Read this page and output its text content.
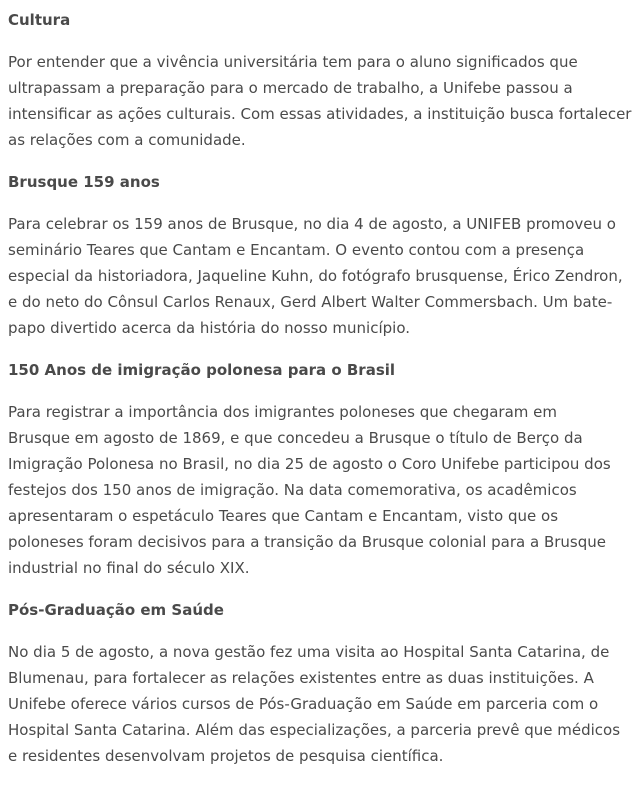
Cultura

Por entender que a vivência universitária tem para o aluno significados que
ultrapassam a preparação para o mercado de trabalho, a Unifebe passou a
intensificar as ações culturais. Com essas atividades, a instituição busca fortalecer
as relações com a comunidade.

Brusque 159 anos

Para celebrar os 159 anos de Brusque, no dia 4 de agosto, a UNIFEB promoveu o
seminário Teares que Cantam e Encantam. O evento contou com a presença
especial da historiadora, Jaqueline Kuhn, do fotógrafo brusquense, Érico Zendron,
e do neto do Cônsul Carlos Renaux, Gerd Albert Walter Commersbach. Um bate-
papo divertido acerca da história do nosso município.

150 Anos de imigração polonesa para o Brasil

Para registrar a importância dos imigrantes poloneses que chegaram em
Brusque em agosto de 1869, e que concedeu a Brusque o título de Berço da
Imigração Polonesa no Brasil, no dia 25 de agosto o Coro Unifebe participou dos
festejos dos 150 anos de imigração. Na data comemorativa, os acadêmicos
apresentaram o espetáculo Teares que Cantam e Encantam, visto que os
poloneses foram decisivos para a transição da Brusque colonial para a Brusque
industrial no final do século XIX.

Pós-Graduação em Saúde

No dia 5 de agosto, a nova gestão fez uma visita ao Hospital Santa Catarina, de
Blumenau, para fortalecer as relações existentes entre as duas instituições. A
Unifebe oferece vários cursos de Pós-Graduação em Saúde em parceria com o
Hospital Santa Catarina. Além das especializações, a parceria prevê que médicos
e residentes desenvolvam projetos de pesquisa científica.
